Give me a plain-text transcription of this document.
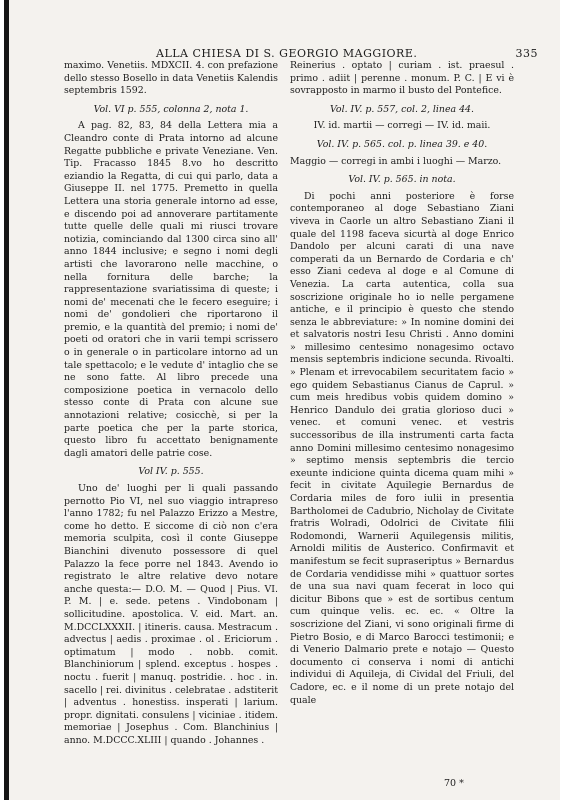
ALLA CHIESA DI S. GEORGIO MAGGIORE.	335

maximo. Venetiis. MDXCII. 4. con prefazione dello stesso Bosello in data Venetiis Kalendis septembris 1592.

Vol. VI p. 555, colonna 2, nota 1.

A pag. 82, 83, 84 della Lettera mia a Cleandro conte di Prata intorno ad alcune Regatte pubbliche e private Veneziane. Ven. Tip. Fracasso 1845 8.vo ho descritto eziandio la Regatta, di cui qui parlo, data a Giuseppe II. nel 1775. Premetto in quella Lettera una storia generale intorno ad esse, e discendo poi ad annoverare partitamente tutte quelle delle quali mi riusci trovare notizia, cominciando dal 1300 circa sino all' anno 1844 inclusive; e segno i nomi degli artisti che lavorarono nelle macchine, o nella fornitura delle barche; la rappresentazione svariatissima di queste; i nomi de' mecenati che le fecero eseguire; i nomi de' gondolieri che riportarono il premio, e la quantità del premio; i nomi de' poeti od oratori che in varii tempi scrissero o in generale o in particolare intorno ad un tale spettacolo; e le vedute d' intaglio che se ne sono fatte. Al libro precede una composizione poetica in vernacolo dello stesso conte di Prata con alcune sue annotazioni relative; cosicchè, si per la parte poetica che per la parte storica, questo libro fu accettato benignamente dagli amatori delle patrie cose.

Vol IV. p. 555.

Uno de' luoghi per li quali passando pernotto Pio VI, nel suo viaggio intrapreso l'anno 1782; fu nel Palazzo Erizzo a Mestre, come ho detto. E siccome di ciò non c'era memoria sculpita, così il conte Giuseppe Bianchini divenuto possessore di quel Palazzo la fece porre nel 1843. Avendo io registrato le altre relative devo notare anche questa:— D.O. M. — Quod | Pius. VI. P. M. | e. sede. petens . Vindobonam | sollicitudine. apostolica. V. eid. Mart. an. M.DCCLXXXII. | itineris. causa. Mestracum . advectus | aedis . proximae . ol . Ericiorum . optimatum | modo . nobb. comit. Blanchiniorum | splend. exceptus . hospes . noctu . fuerit | manuq. postridie. . hoc . in. sacello | rei. divinitus . celebratae . adstiterit | adventus . honestiss. insperati | larium. propr. dignitati. consulens | viciniae . itidem. memoriae | Josephus . Com. Blanchinius | anno. M.DCCC.XLIII | quando . Johannes .

Reinerius . optato | curiam . ist. praesul . primo . adiit | perenne . monum. P. C. | E vi è sovrapposto in marmo il busto del Pontefice.

Vol. IV. p. 557, col. 2, linea 44.

IV. id. martii — corregi — IV. id. maii.

Vol. IV. p. 565. col. p. linea 39. e 40.

Maggio — corregi in ambi i luoghi — Marzo.

Vol. IV. p. 565. in nota.

Di pochi anni posteriore è forse contemporaneo al doge Sebastiano Ziani viveva in Caorle un altro Sebastiano Ziani il quale del 1198 faceva sicurtà al doge Enrico Dandolo per alcuni carati di una nave comperati da un Bernardo de Cordaria e ch' esso Ziani cedeva al doge e al Comune di Venezia. La carta autentica, colla sua soscrizione originale ho io nelle pergamene antiche, e il principio è questo che stendo senza le abbreviature: » In nomine domini dei et salvatoris nostri Iesu Christi . Anno domini » millesimo centesimo nonagesimo octavo mensis septembris indicione secunda. Rivoalti. » Plenam et irrevocabilem securitatem facio » ego quidem Sebastianus Cianus de Caprul. » cum meis hredibus vobis quidem domino » Henrico Dandulo dei gratia glorioso duci » venec. et comuni venec. et vestris successoribus de illa instrumenti carta facta anno Domini millesimo centesimo nonagesimo » septimo mensis septembris die tercio exeunte indicione quinta dicema quam mihi » fecit in civitate Aquilegie Bernardus de Cordaria miles de foro iulii in presentia Bartholomei de Cadubrio, Nicholay de Civitate fratris Wolradi, Odolrici de Civitate filii Rodomondi, Warnerii Aquilegensis militis, Arnoldi militis de Austerico. Confirmavit et manifestum se fecit supraseriptus » Bernardus de Cordaria vendidisse mihi » quattuor sortes de una sua navi quam fecerat in loco qui dicitur Bibons que » est de sortibus centum cum quinque velis. ec. ec. « Oltre la soscrizione del Ziani, vi sono originali firme di Pietro Bosio, e di Marco Barocci testimonii; e di Venerio Dalmario prete e notajo — Questo documento ci conserva i nomi di antichi individui di Aquileja, di Cividal del Friuli, del Cadore, ec. e il nome di un prete notajo del quale

70 *
